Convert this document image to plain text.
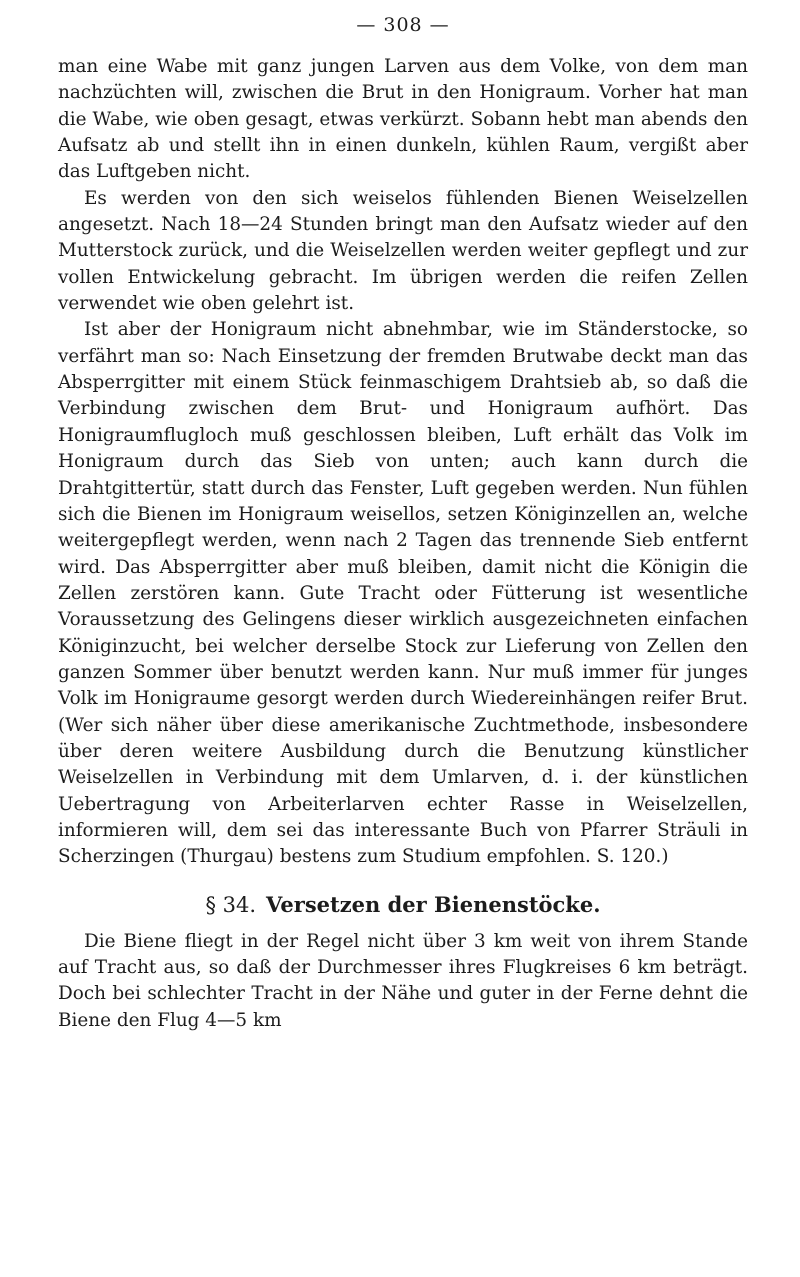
— 308 —

man eine Wabe mit ganz jungen Larven aus dem Volke, von dem man nachzüchten will, zwischen die Brut in den Honigraum. Vorher hat man die Wabe, wie oben gesagt, etwas verkürzt. Sobann hebt man abends den Aufsatz ab und stellt ihn in einen dunkeln, kühlen Raum, vergißt aber das Luftgeben nicht.

Es werden von den sich weiselos fühlenden Bienen Weiselzellen angesetzt. Nach 18—24 Stunden bringt man den Aufsatz wieder auf den Mutterstock zurück, und die Weiselzellen werden weiter gepflegt und zur vollen Entwickelung gebracht. Im übrigen werden die reifen Zellen verwendet wie oben gelehrt ist.

Ist aber der Honigraum nicht abnehmbar, wie im Ständerstocke, so verfährt man so: Nach Einsetzung der fremden Brutwabe deckt man das Absperrgitter mit einem Stück feinmaschigem Drahtsieb ab, so daß die Verbindung zwischen dem Brut- und Honigraum aufhört. Das Honigraumflugloch muß geschlossen bleiben, Luft erhält das Volk im Honigraum durch das Sieb von unten; auch kann durch die Drahtgittertür, statt durch das Fenster, Luft gegeben werden. Nun fühlen sich die Bienen im Honigraum weisellos, setzen Königinzellen an, welche weitergepflegt werden, wenn nach 2 Tagen das trennende Sieb entfernt wird. Das Absperrgitter aber muß bleiben, damit nicht die Königin die Zellen zerstören kann. Gute Tracht oder Fütterung ist wesentliche Voraussetzung des Gelingens dieser wirklich ausgezeichneten einfachen Königinzucht, bei welcher derselbe Stock zur Lieferung von Zellen den ganzen Sommer über benutzt werden kann. Nur muß immer für junges Volk im Honigraume gesorgt werden durch Wiedereinhängen reifer Brut. (Wer sich näher über diese amerikanische Zuchtmethode, insbesondere über deren weitere Ausbildung durch die Benutzung künstlicher Weiselzellen in Verbindung mit dem Umlarven, d. i. der künstlichen Uebertragung von Arbeiterlarven echter Rasse in Weiselzellen, informieren will, dem sei das interessante Buch von Pfarrer Sträuli in Scherzingen (Thurgau) bestens zum Studium empfohlen. S. 120.)

§ 34. Versetzen der Bienenstöcke.

Die Biene fliegt in der Regel nicht über 3 km weit von ihrem Stande auf Tracht aus, so daß der Durchmesser ihres Flugkreises 6 km beträgt. Doch bei schlechter Tracht in der Nähe und guter in der Ferne dehnt die Biene den Flug 4—5 km
